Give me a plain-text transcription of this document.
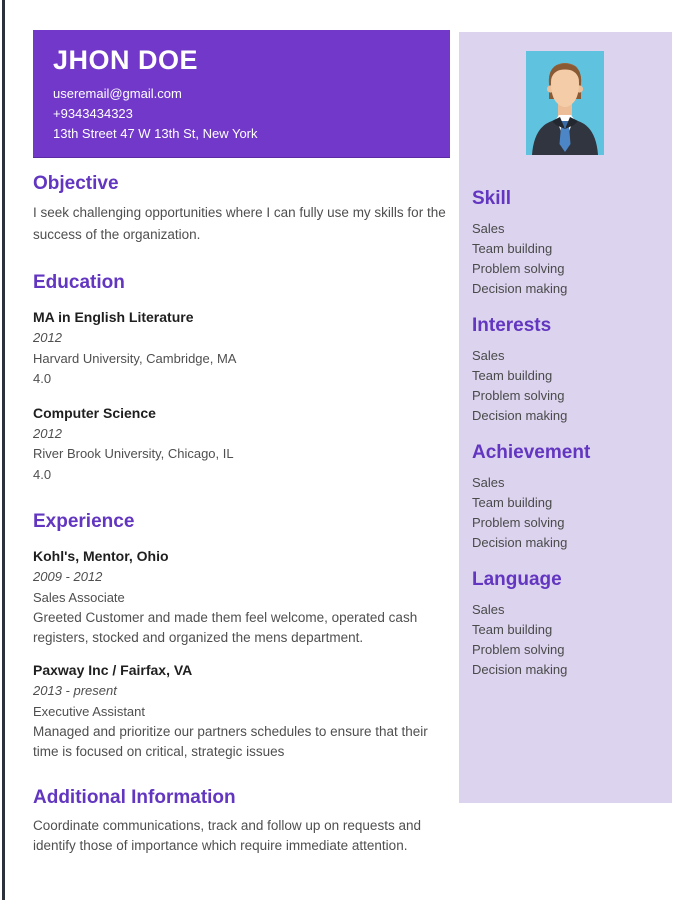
JHON DOE
useremail@gmail.com
+9343434323
13th Street 47 W 13th St, New York
Objective

I seek challenging opportunities where I can fully use my skills for the success of the organization.

Education
MA in English Literature
2012
Harvard University, Cambridge, MA
4.0
Computer Science
2012
River Brook University, Chicago, IL
4.0
Experience
Kohl's, Mentor, Ohio
2009 - 2012
Sales Associate
Greeted Customer and made them feel welcome, operated cash registers, stocked and organized the mens department.
Paxway Inc / Fairfax, VA
2013 - present
Executive Assistant
Managed and prioritize our partners schedules to ensure that their time is focused on critical, strategic issues
Additional Information

Coordinate communications, track and follow up on requests and identify those of importance which require immediate attention.

Skill
Sales
Team building
Problem solving
Decision making
Interests
Sales
Team building
Problem solving
Decision making
Achievement
Sales
Team building
Problem solving
Decision making
Language
Sales
Team building
Problem solving
Decision making
